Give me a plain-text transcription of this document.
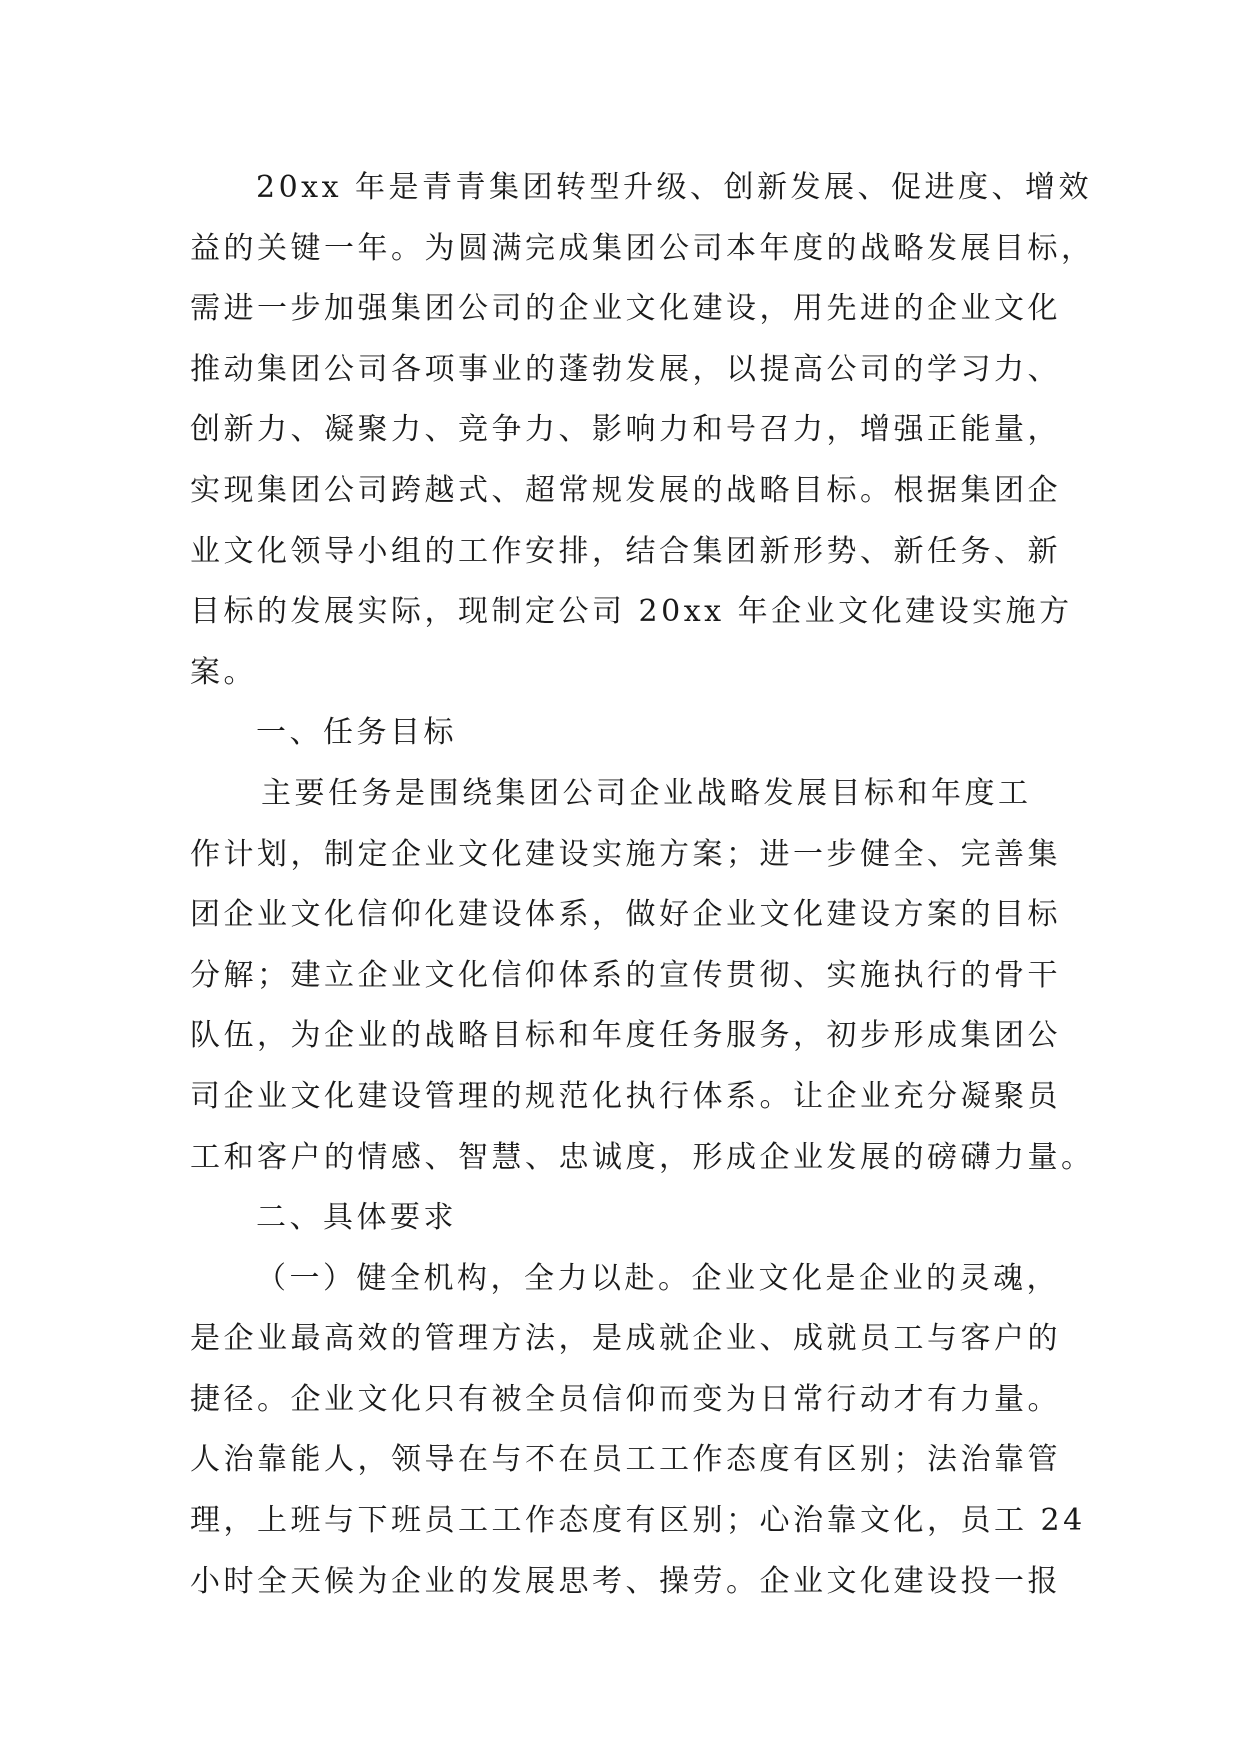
20xx 年是青青集团转型升级、创新发展、促进度、增效
益的关键一年。为圆满完成集团公司本年度的战略发展目标，
需进一步加强集团公司的企业文化建设，用先进的企业文化
推动集团公司各项事业的蓬勃发展，以提高公司的学习力、
创新力、凝聚力、竞争力、影响力和号召力，增强正能量，
实现集团公司跨越式、超常规发展的战略目标。根据集团企
业文化领导小组的工作安排，结合集团新形势、新任务、新
目标的发展实际，现制定公司 20xx 年企业文化建设实施方
案。
一、任务目标
主要任务是围绕集团公司企业战略发展目标和年度工
作计划，制定企业文化建设实施方案；进一步健全、完善集
团企业文化信仰化建设体系，做好企业文化建设方案的目标
分解；建立企业文化信仰体系的宣传贯彻、实施执行的骨干
队伍，为企业的战略目标和年度任务服务，初步形成集团公
司企业文化建设管理的规范化执行体系。让企业充分凝聚员
工和客户的情感、智慧、忠诚度，形成企业发展的磅礴力量。
二、具体要求
（一）健全机构，全力以赴。企业文化是企业的灵魂，
是企业最高效的管理方法，是成就企业、成就员工与客户的
捷径。企业文化只有被全员信仰而变为日常行动才有力量。
人治靠能人，领导在与不在员工工作态度有区别；法治靠管
理，上班与下班员工工作态度有区别；心治靠文化，员工 24
小时全天候为企业的发展思考、操劳。企业文化建设投一报
